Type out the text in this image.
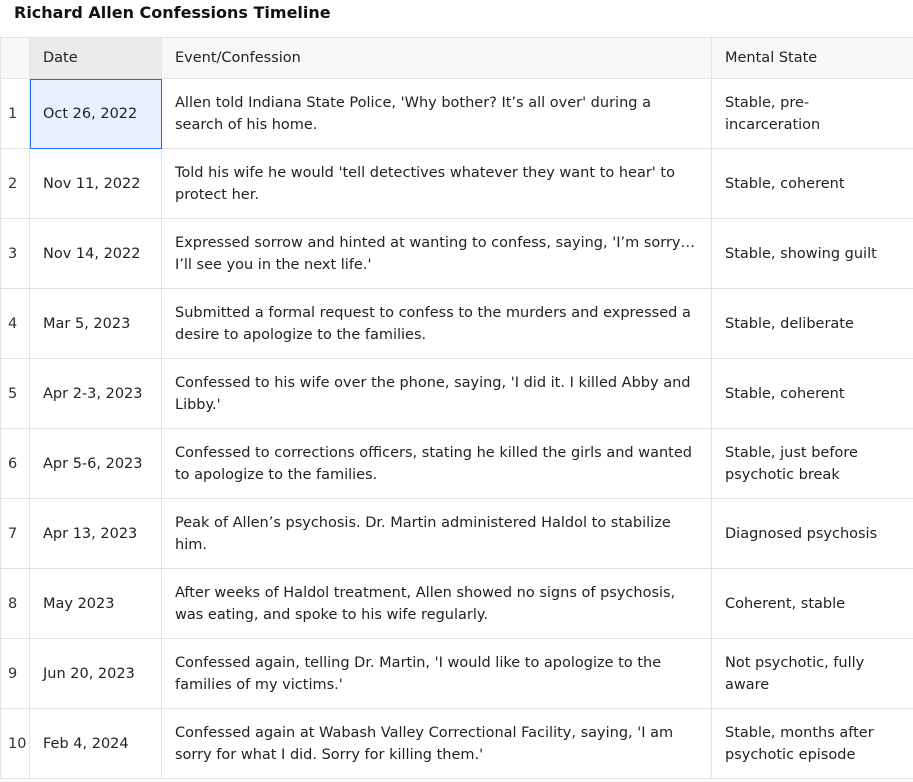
Richard Allen Confessions Timeline
	Date	Event/Confession	Mental State
1	Oct 26, 2022	Allen told Indiana State Police, 'Why bother? It’s all over' during a search of his home.	Stable, pre-incarceration
2	Nov 11, 2022	Told his wife he would 'tell detectives whatever they want to hear' to protect her.	Stable, coherent
3	Nov 14, 2022	Expressed sorrow and hinted at wanting to confess, saying, 'I’m sorry…I’ll see you in the next life.'	Stable, showing guilt
4	Mar 5, 2023	Submitted a formal request to confess to the murders and expressed a desire to apologize to the families.	Stable, deliberate
5	Apr 2-3, 2023	Confessed to his wife over the phone, saying, 'I did it. I killed Abby and Libby.'	Stable, coherent
6	Apr 5-6, 2023	Confessed to corrections officers, stating he killed the girls and wanted to apologize to the families.	Stable, just before psychotic break
7	Apr 13, 2023	Peak of Allen’s psychosis. Dr. Martin administered Haldol to stabilize him.	Diagnosed psychosis
8	May 2023	After weeks of Haldol treatment, Allen showed no signs of psychosis, was eating, and spoke to his wife regularly.	Coherent, stable
9	Jun 20, 2023	Confessed again, telling Dr. Martin, 'I would like to apologize to the families of my victims.'	Not psychotic, fully aware
10	Feb 4, 2024	Confessed again at Wabash Valley Correctional Facility, saying, 'I am sorry for what I did. Sorry for killing them.'	Stable, months after psychotic episode
